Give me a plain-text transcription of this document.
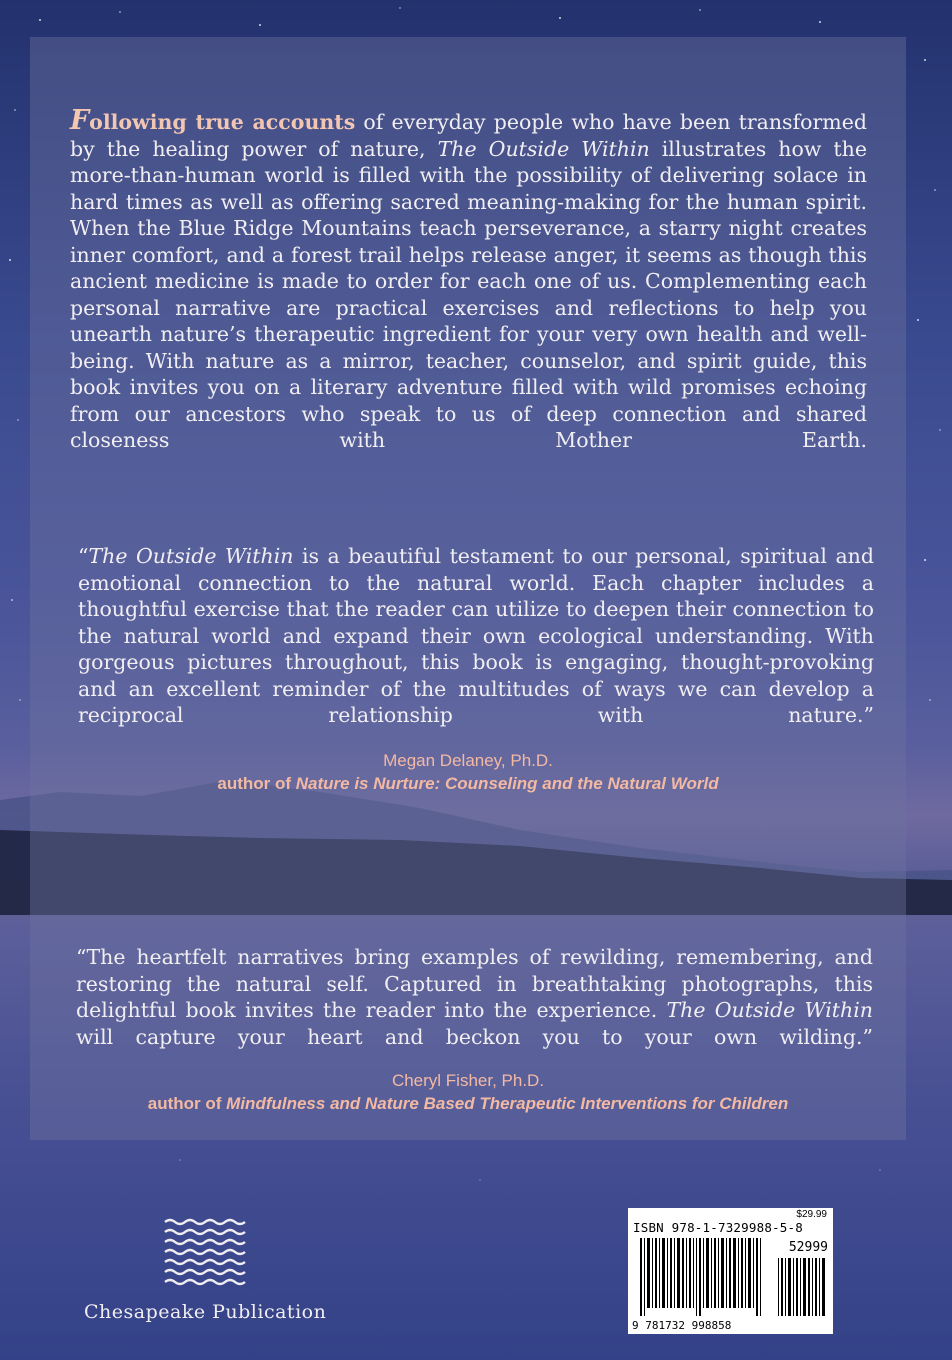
Following true accounts of everyday people who have been transformed by the healing power of nature, The Outside Within illustrates how the more-than-human world is filled with the possibility of delivering solace in hard times as well as offering sacred meaning-making for the human spirit. When the Blue Ridge Mountains teach perseverance, a starry night creates inner comfort, and a forest trail helps release anger, it seems as though this ancient medicine is made to order for each one of us. Complementing each personal narrative are practical exercises and reflections to help you unearth nature’s therapeutic ingredient for your very own health and well-being. With nature as a mirror, teacher, counselor, and spirit guide, this book invites you on a literary adventure filled with wild promises echoing from our ancestors who speak to us of deep connection and shared closeness with Mother Earth.

“The Outside Within is a beautiful testament to our personal, spiritual and emotional connection to the natural world. Each chapter includes a thoughtful exercise that the reader can utilize to deepen their connection to the natural world and expand their own ecological understanding. With gorgeous pictures throughout, this book is engaging, thought-provoking and an excellent reminder of the multitudes of ways we can develop a reciprocal relationship with nature.”

Megan Delaney, Ph.D.
author of Nature is Nurture: Counseling and the Natural World

“The heartfelt narratives bring examples of rewilding, remembering, and restoring the natural self. Captured in breathtaking photographs, this delightful book invites the reader into the experience. The Outside Within will capture your heart and beckon you to your own wilding.”

Cheryl Fisher, Ph.D.
author of Mindfulness and Nature Based Therapeutic Interventions for Children
Chesapeake Publication
$29.99
ISBN 978-1-7329988-5-8
52999
9 781732 998858
